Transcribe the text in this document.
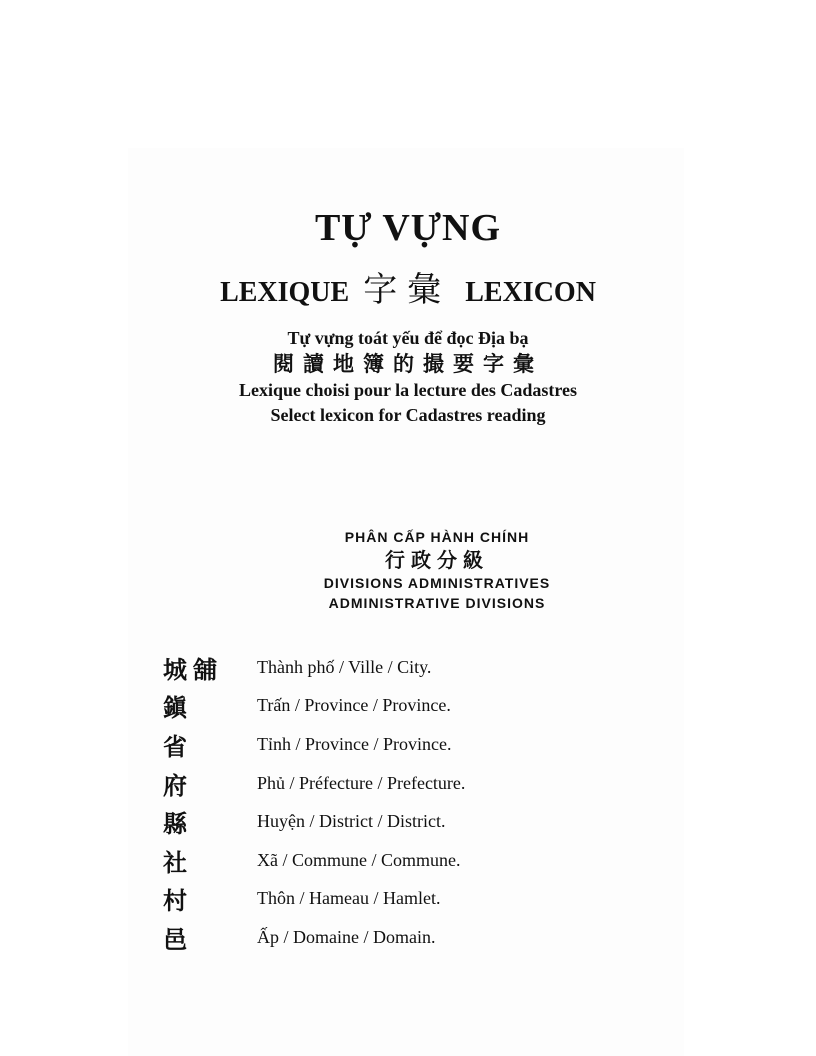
TỰ VỰNG
LEXIQUE 字彙 LEXICON
Tự vựng toát yếu để đọc Địa bạ
閱讀地簿的撮要字彙
Lexique choisi pour la lecture des Cadastres
Select lexicon for Cadastres reading
PHÂN CẤP HÀNH CHÍNH
行政分級
DIVISIONS ADMINISTRATIVES
ADMINISTRATIVE DIVISIONS
城舖	Thành phố / Ville / City.
鎭	Trấn / Province / Province.
省	Tỉnh / Province / Province.
府	Phủ / Préfecture / Prefecture.
縣	Huyện / District / District.
社	Xã / Commune / Commune.
村	Thôn / Hameau / Hamlet.
邑	Ấp / Domaine / Domain.
